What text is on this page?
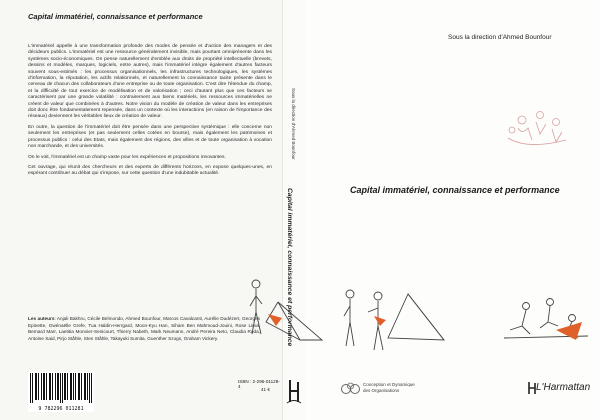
Capital immatériel, connaissance et performance

L'immatériel appelle à une transformation profonde des modes de pensée et d'action des managers et des décideurs publics. L'immatériel est une ressource généralement invisible, mais pourtant omniprésente dans les systèmes socio-économiques. On pense naturellement d'emblée aux droits de propriété intellectuelle (brevets, dessins et modèles, marques, logiciels, entre autres), mais l'immatériel intègre également d'autres facteurs souvent sous-estimés : les processus organisationnels, les infrastructures technologiques, les systèmes d'information, la réputation, les actifs relationnels, et naturellement la connaissance tacite présente dans le cerveau de chacun des collaborateurs d'une entreprise ou de toute organisation. C'est dire l'étendue du champ, et la difficulté de tout exercice de modélisation et de valorisation ; ceci d'autant plus que ces facteurs se caractérisent par une grande volatilité : contrairement aux biens matériels, les ressources immatérielles ne créent de valeur que combinées à d'autres. Notre vision du modèle de création de valeur dans les entreprises doit donc être fondamentalement repensée, dans un contexte où les interactions (en raison de l'importance des réseaux) deviennent les véritables lieux de création de valeur.

En outre, la question de l'immatériel doit être pensée dans une perspective systémique : elle concerne non seulement les entreprises (et pas seulement celles cotées en bourse), mais également les patrimoines et processus publics : celui des Etats, mais également des régions, des villes et de toute organisation à vocation non marchande, et des universités.

On le voit, l'immatériel est un champ vaste pour les expériences et propositions innovantes.

Cet ouvrage, qui réunit des chercheurs et des experts de différents horizons, en expose quelques-unes, en espérant contribuer au débat qui s'impose, sur cette question d'une indubitable actualité.

Les auteurs: Anjali Bakhru, Cécile Belmondo, Ahmed Bounfour, Marcos Cavalcanti, Aurélie Dudézert, Georges Epinette, Gwénaëlle Grefe, Tua Haldin-Herrgard, Moon-Kyu Han, Siham Ben Mahmoud-Jouini, Rose Lima, Bernard Marr, Laetitia Monnier-Senicourt, Thierry Nabeth, Mark Neumann, André Pereira Neto, Claudia Roda, Antoine Said, Pirjo Ståhle, Sten Ståhle, Takayuki Sumita, Guenther Szogs, Graham Vickery.
9 782296 011281
ISBN : 2-296-01128-4
41 €
Sous la direction d'Ahmed Bounfour
Capital immatériel, connaissance et performance
Sous la direction d'Ahmed Bounfour
Capital immatériel, connaissance et performance
Conception et Dynamique
des Organisations	L'Harmattan
